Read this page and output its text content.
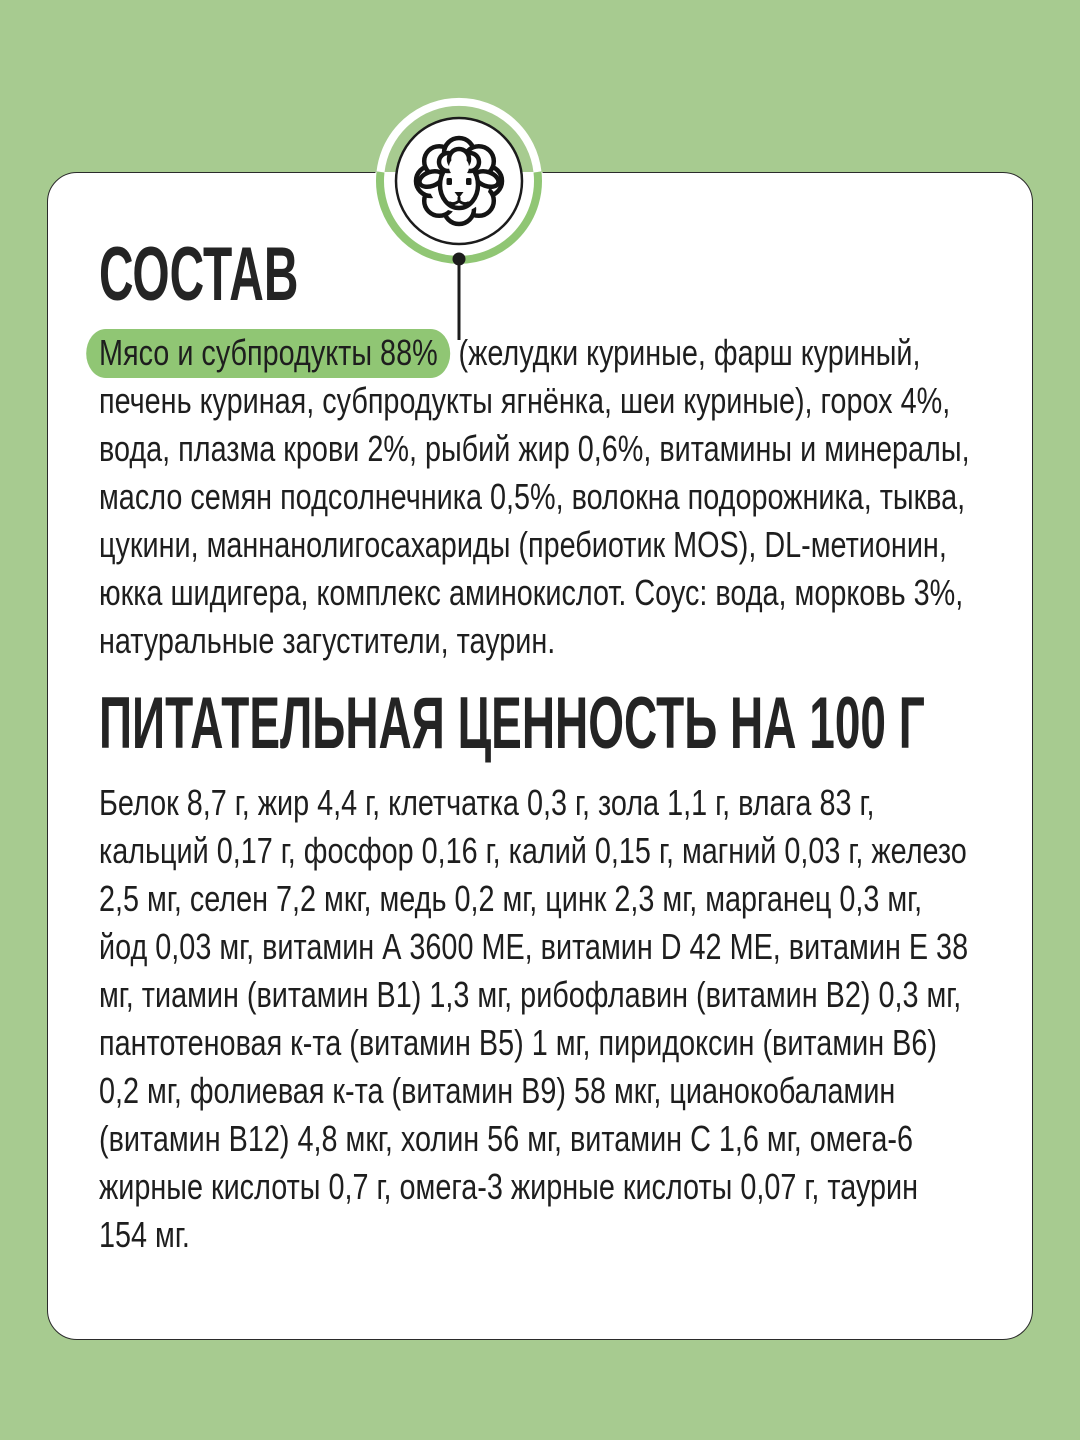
СОСТАВ

Мясо и субпродукты 88% (желудки куриные, фарш куриный, печень куриная, субпродукты ягнёнка, шеи куриные), горох 4%, вода, плазма крови 2%, рыбий жир 0,6%, витамины и минералы, масло семян подсолнечника 0,5%, волокна подорожника, тыква, цукини, маннанолигосахариды (пребиотик MOS), DL-метионин, юкка шидигера, комплекс аминокислот. Соус: вода, морковь 3%, натуральные загустители, таурин.

ПИТАТЕЛЬНАЯ ЦЕННОСТЬ НА 100 Г

Белок 8,7 г, жир 4,4 г, клетчатка 0,3 г, зола 1,1 г, влага 83 г, кальций 0,17 г, фосфор 0,16 г, калий 0,15 г, магний 0,03 г, железо 2,5 мг, селен 7,2 мкг, медь 0,2 мг, цинк 2,3 мг, марганец 0,3 мг, йод 0,03 мг, витамин А 3600 МЕ, витамин D 42 МЕ, витамин Е 38 мг, тиамин (витамин В1) 1,3 мг, рибофлавин (витамин В2) 0,3 мг, пантотеновая к-та (витамин В5) 1 мг, пиридоксин (витамин В6) 0,2 мг, фолиевая к-та (витамин В9) 58 мкг, цианокобаламин (витамин В12) 4,8 мкг, холин 56 мг, витамин С 1,6 мг, омега-6 жирные кислоты 0,7 г, омега-3 жирные кислоты 0,07 г, таурин 154 мг.
